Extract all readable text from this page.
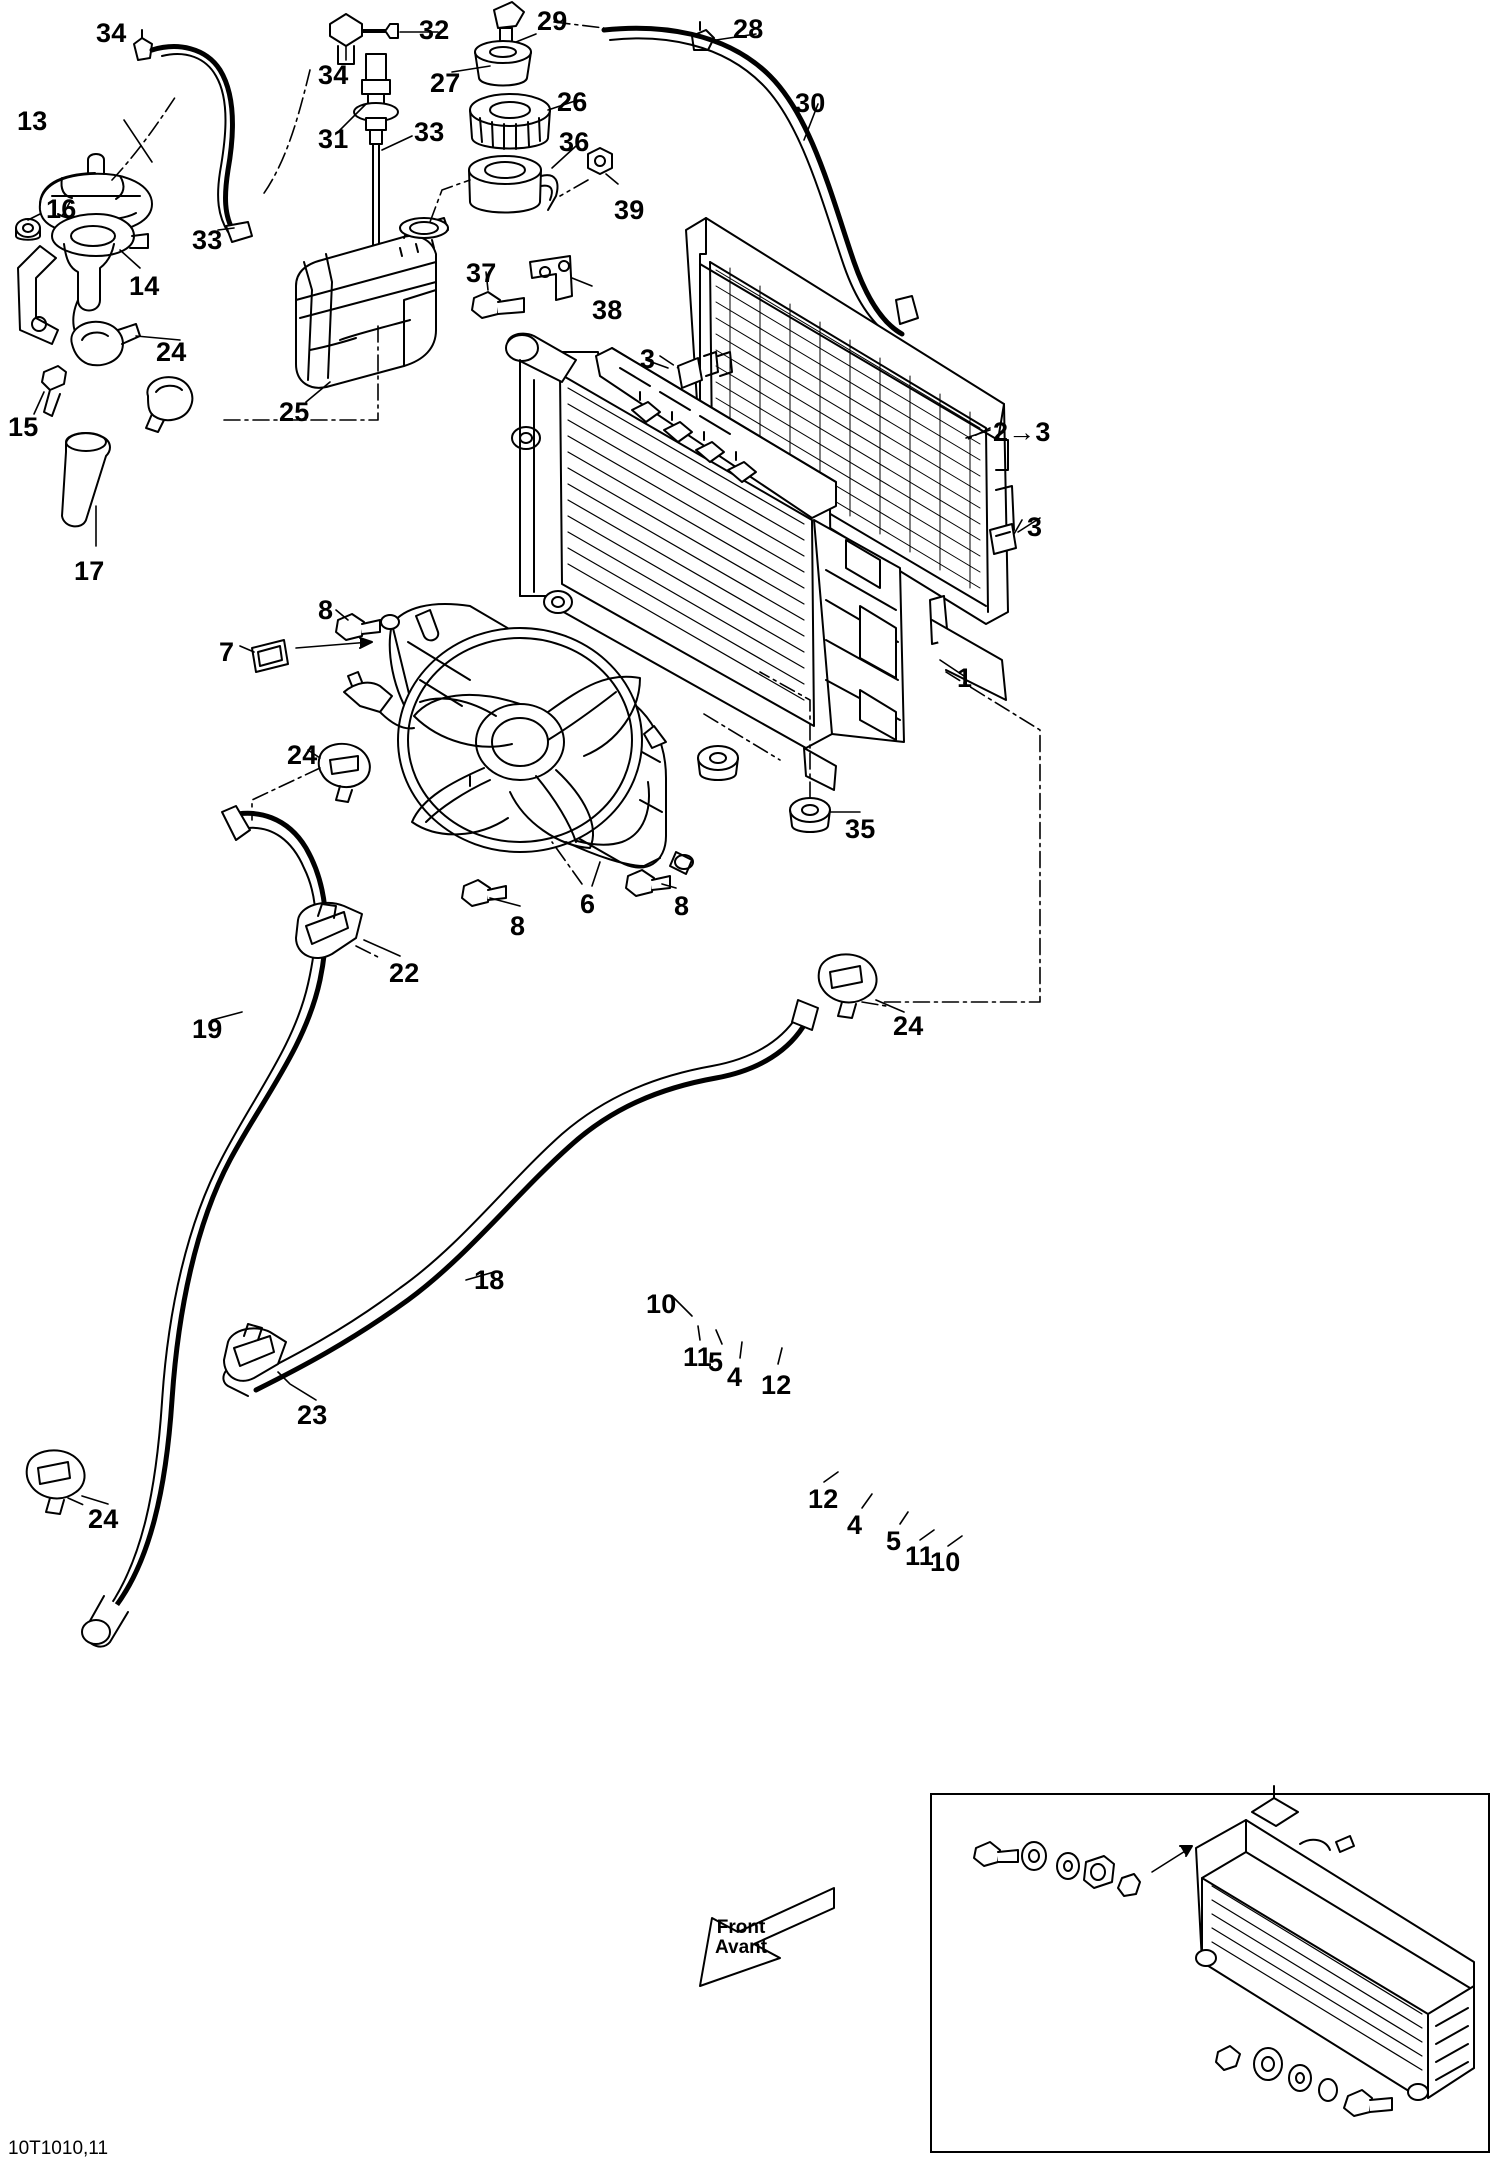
Front
Avant
10T1010,11
34	32	29	28
34	27
30
26
13
31 33	36
39
16
33
14	37
38
24	3
2→3
15	25
3
17
8
7
1
24
35
6
8
8
22
24
19
18
10
11
5 4 12
23
12
4
5 11
10
24
